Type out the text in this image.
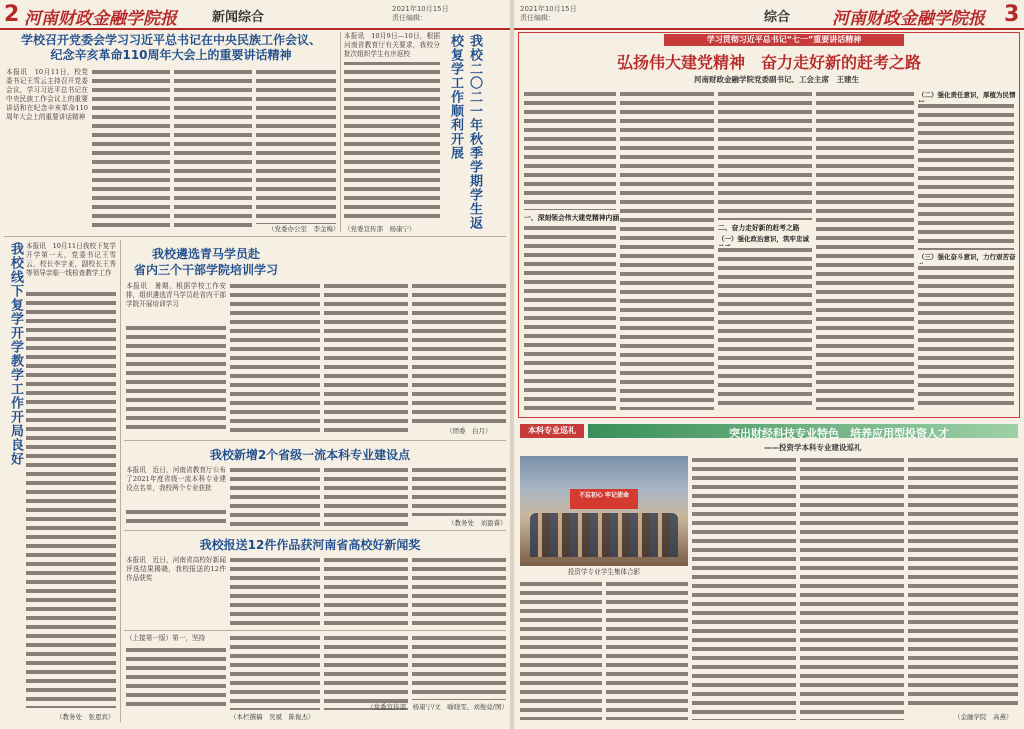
2 河南财政金融学院报	新闻综合
2021年10月15日
责任编辑：
学校召开党委会学习习近平总书记在中央民族工作会议、
纪念辛亥革命110周年大会上的重要讲话精神
本报讯　10月11日，校党委书记王雪云主持召开党委会议，学习习近平总书记在中央民族工作会议上的重要讲话和在纪念辛亥革命110周年大会上的重要讲话精神
（党委办公室　李金梅）
本报讯　10月9日—10日，根据河南省教育厅有关要求，我校分批次组织学生有序返校	我校二〇二一年秋季学期学生返校复学工作顺利开展
（党委宣传部　杨康宁）
我校线下复学开学教学工作开局良好 本报讯　10月11日我校下复学开学第一天，党委书记王雪云，校长李宇亚，副校长王秀等领导亲临一线检查教学工作
（教务处　张恩宾）
我校遴选青马学员赴
省内三个干部学院培训学习
本报讯　暑期，根据学校工作安排，组织遴选青马学员赴省内干部学院开展培训学习
（团委　白月）
我校新增2个省级一流本科专业建设点
本报讯　近日，河南省教育厅公布了2021年度省级一流本科专业建设点名单，我校两个专业获批
（教务处　刘盈睿）
我校报送12件作品获河南省高校好新闻奖
本报讯　近日，河南省高校好新闻评选结果揭晓，我校报送的12件作品获奖
（上接第一版）第一，坚持
（本栏撰稿　吴斌　陈俊杰）
（党委宣传部　杨康宁/文　喻晓雯、刘俊竟/图）
2021年10月15日
责任编辑：	综合 河南财政金融学院报 3
学习贯彻习近平总书记“七一”重要讲话精神
弘扬伟大建党精神　奋力走好新的赶考之路
河南财政金融学院党委副书记、工会主席　王建生
一、深刻领会伟大建党精神内涵
二、奋力走好新的赶考之路
（一）强化政治意识，筑牢忠诚
（二）强化责任意识，厚植为民情
（三）强化奋斗意识，力行艰苦奋
本科专业巡礼	突出财经科技专业特色　培养应用型投资人才
——投资学本科专业建设巡礼
不忘初心 牢记使命
投资学专业学生集体合影
（金融学院　高燕）
